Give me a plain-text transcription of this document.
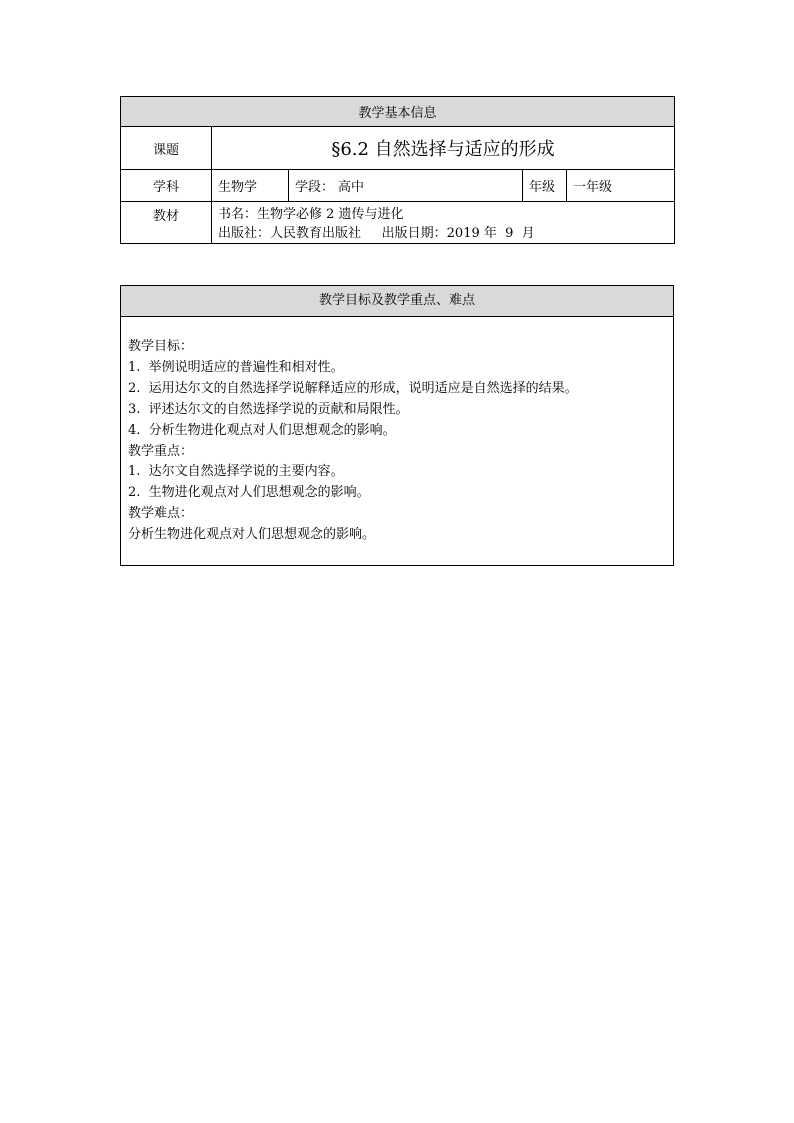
教学基本信息				
课题	§6.2 自然选择与适应的形成			
学科	生物学	学段： 高中	年级	一年级
教材	书名：生物学必修 2 遗传与进化
出版社：人民教育出版社     出版日期：2019 年  9  月			
教学目标及教学重点、难点
教学目标：
1.  举例说明适应的普遍性和相对性。
2.  运用达尔文的自然选择学说解释适应的形成，说明适应是自然选择的结果。
3.  评述达尔文的自然选择学说的贡献和局限性。
4.  分析生物进化观点对人们思想观念的影响。
教学重点：
1.  达尔文自然选择学说的主要内容。
2.  生物进化观点对人们思想观念的影响。
教学难点：
分析生物进化观点对人们思想观念的影响。
